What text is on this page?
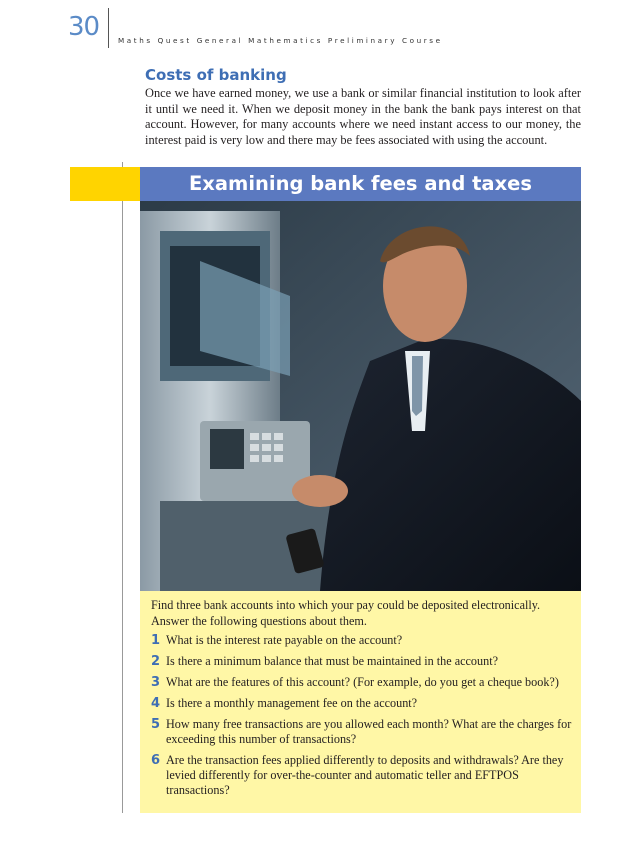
30	Maths Quest General Mathematics Preliminary Course
Costs of banking

Once we have earned money, we use a bank or similar financial institution to look after it until we need it. When we deposit money in the bank the bank pays interest on that account. However, for many accounts where we need instant access to our money, the interest paid is very low and there may be fees associated with using the account.

Examining bank fees and taxes

Find three bank accounts into which your pay could be deposited electronically. Answer the following questions about them.

1 What is the interest rate payable on the account?
2 Is there a minimum balance that must be maintained in the account?
3 What are the features of this account? (For example, do you get a cheque book?)
4 Is there a monthly management fee on the account?
5 How many free transactions are you allowed each month? What are the charges for exceeding this number of transactions?
6 Are the transaction fees applied differently to deposits and withdrawals? Are they levied differently for over-the-counter and automatic teller and EFTPOS transactions?
